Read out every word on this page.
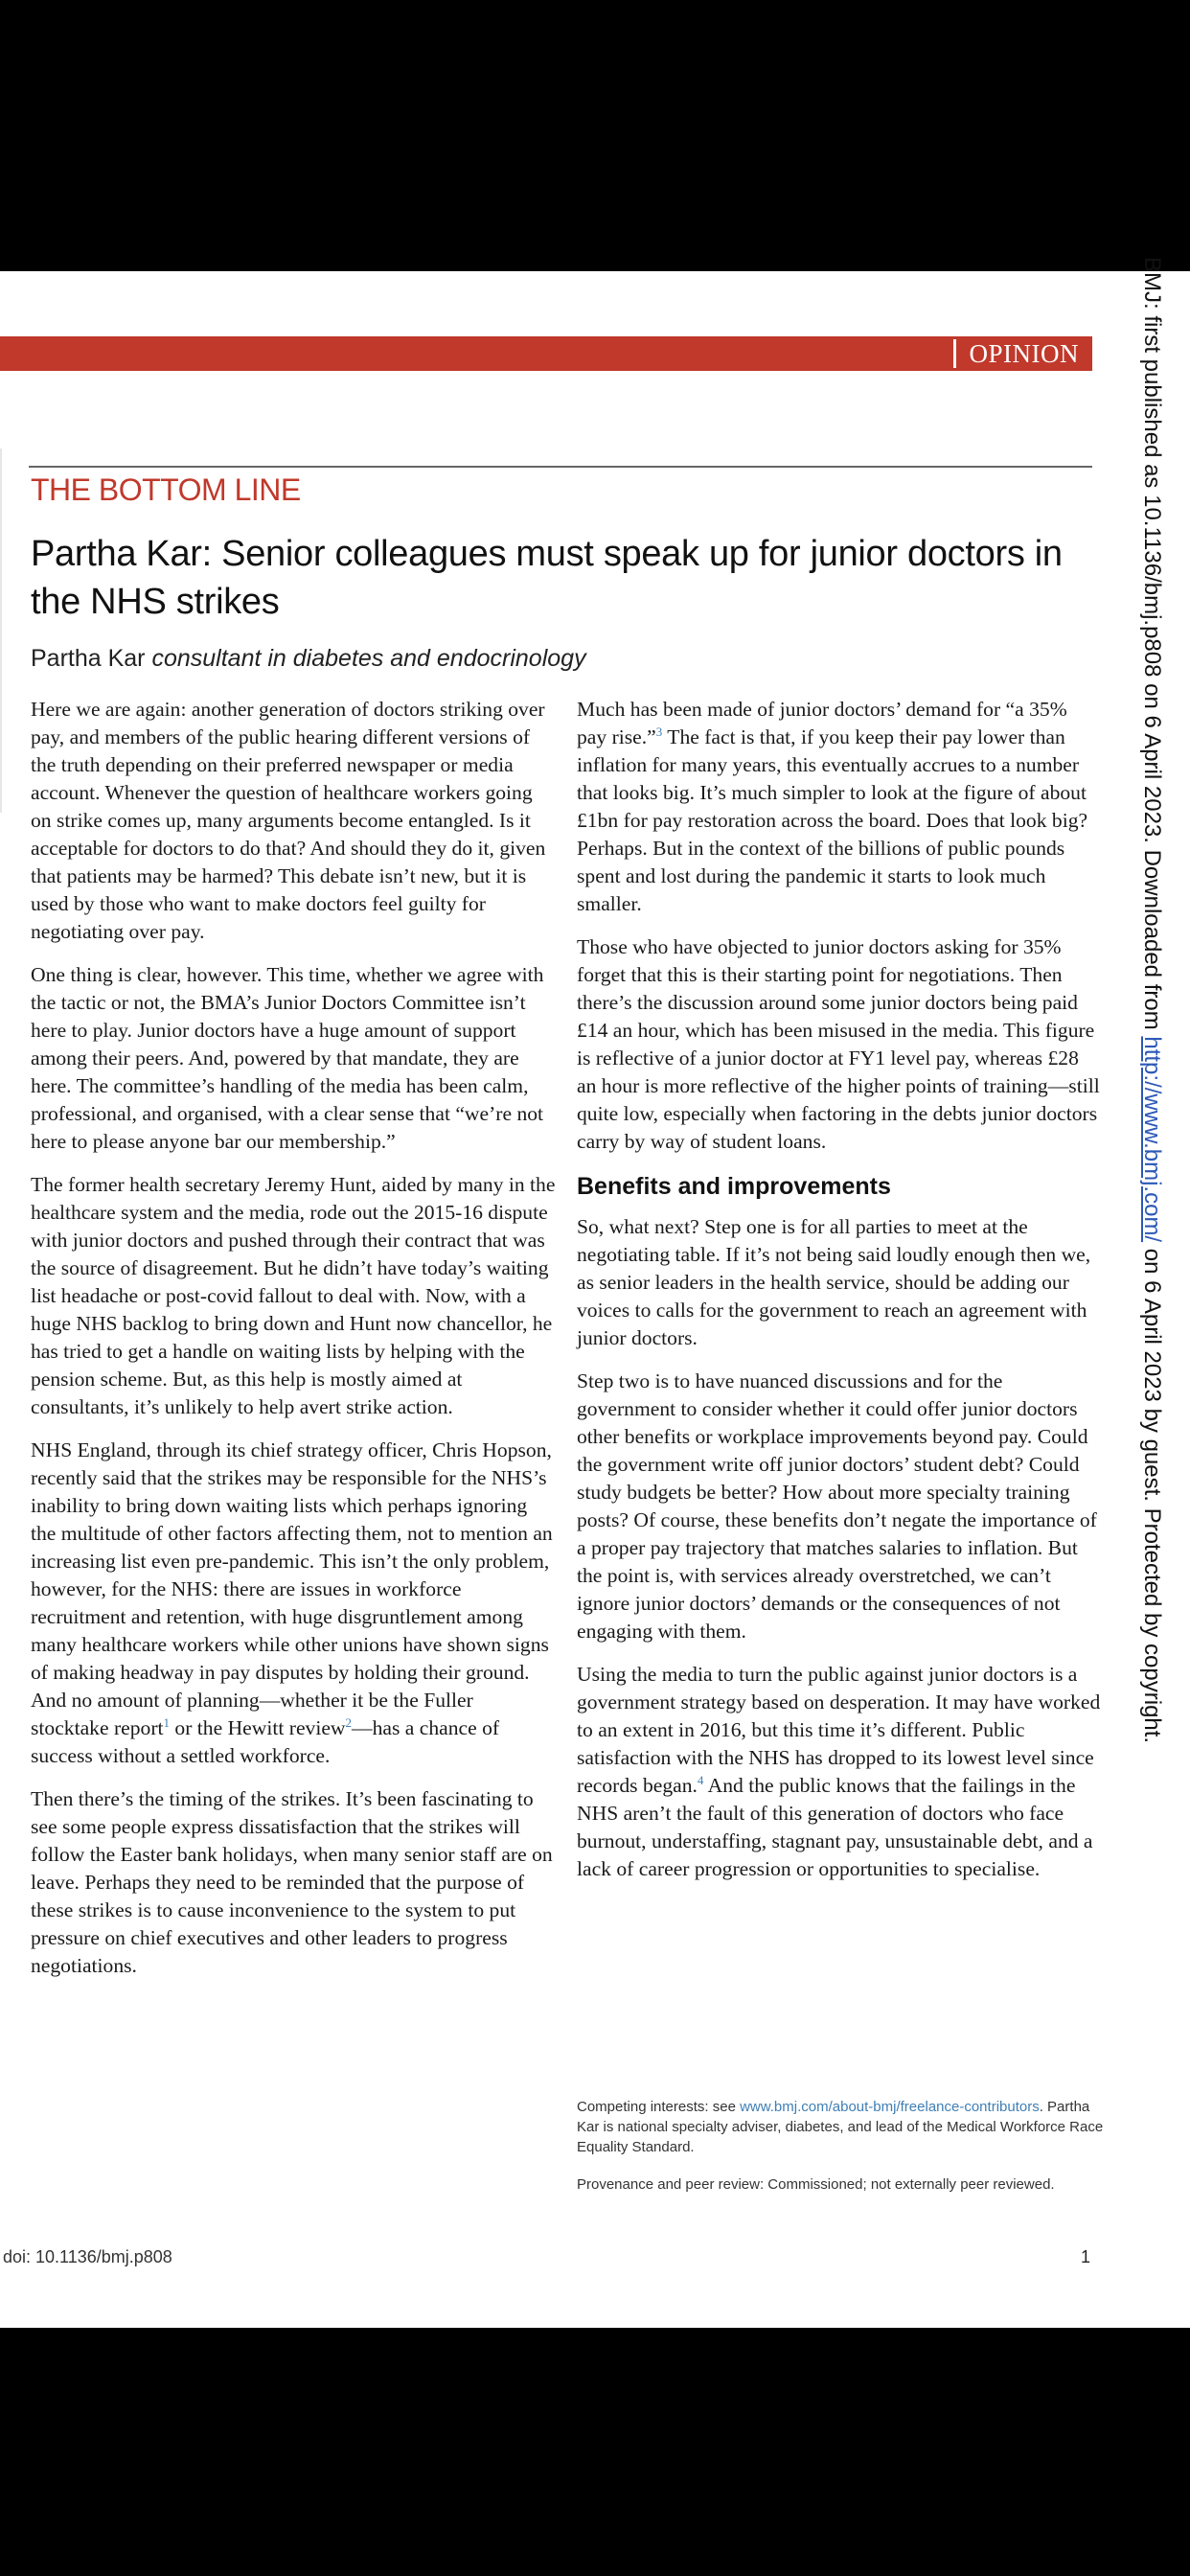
OPINION
THE BOTTOM LINE
Partha Kar: Senior colleagues must speak up for junior doctors in the NHS strikes
Partha Kar consultant in diabetes and endocrinology

Here we are again: another generation of doctors striking over pay, and members of the public hearing different versions of the truth depending on their preferred newspaper or media account. Whenever the question of healthcare workers going on strike comes up, many arguments become entangled. Is it acceptable for doctors to do that? And should they do it, given that patients may be harmed? This debate isn’t new, but it is used by those who want to make doctors feel guilty for negotiating over pay.

One thing is clear, however. This time, whether we agree with the tactic or not, the BMA’s Junior Doctors Committee isn’t here to play. Junior doctors have a huge amount of support among their peers. And, powered by that mandate, they are here. The committee’s handling of the media has been calm, professional, and organised, with a clear sense that “we’re not here to please anyone bar our membership.”

The former health secretary Jeremy Hunt, aided by many in the healthcare system and the media, rode out the 2015-16 dispute with junior doctors and pushed through their contract that was the source of disagreement. But he didn’t have today’s waiting list headache or post-covid fallout to deal with. Now, with a huge NHS backlog to bring down and Hunt now chancellor, he has tried to get a handle on waiting lists by helping with the pension scheme. But, as this help is mostly aimed at consultants, it’s unlikely to help avert strike action.

NHS England, through its chief strategy officer, Chris Hopson, recently said that the strikes may be responsible for the NHS’s inability to bring down waiting lists which perhaps ignoring the multitude of other factors affecting them, not to mention an increasing list even pre-pandemic. This isn’t the only problem, however, for the NHS: there are issues in workforce recruitment and retention, with huge disgruntlement among many healthcare workers while other unions have shown signs of making headway in pay disputes by holding their ground. And no amount of planning—whether it be the Fuller stocktake report$^1$ or the Hewitt review$^2$—has a chance of success without a settled workforce.

Then there’s the timing of the strikes. It’s been fascinating to see some people express dissatisfaction that the strikes will follow the Easter bank holidays, when many senior staff are on leave. Perhaps they need to be reminded that the purpose of these strikes is to cause inconvenience to the system to put pressure on chief executives and other leaders to progress negotiations.

Much has been made of junior doctors’ demand for “a 35% pay rise.”$^3$ The fact is that, if you keep their pay lower than inflation for many years, this eventually accrues to a number that looks big. It’s much simpler to look at the figure of about £1bn for pay restoration across the board. Does that look big? Perhaps. But in the context of the billions of public pounds spent and lost during the pandemic it starts to look much smaller.

Those who have objected to junior doctors asking for 35% forget that this is their starting point for negotiations. Then there’s the discussion around some junior doctors being paid £14 an hour, which has been misused in the media. This figure is reflective of a junior doctor at FY1 level pay, whereas £28 an hour is more reflective of the higher points of training—still quite low, especially when factoring in the debts junior doctors carry by way of student loans.

Benefits and improvements

So, what next? Step one is for all parties to meet at the negotiating table. If it’s not being said loudly enough then we, as senior leaders in the health service, should be adding our voices to calls for the government to reach an agreement with junior doctors.

Step two is to have nuanced discussions and for the government to consider whether it could offer junior doctors other benefits or workplace improvements beyond pay. Could the government write off junior doctors’ student debt? Could study budgets be better? How about more specialty training posts? Of course, these benefits don’t negate the importance of a proper pay trajectory that matches salaries to inflation. But the point is, with services already overstretched, we can’t ignore junior doctors’ demands or the consequences of not engaging with them.

Using the media to turn the public against junior doctors is a government strategy based on desperation. It may have worked to an extent in 2016, but this time it’s different. Public satisfaction with the NHS has dropped to its lowest level since records began.$^4$ And the public knows that the failings in the NHS aren’t the fault of this generation of doctors who face burnout, understaffing, stagnant pay, unsustainable debt, and a lack of career progression or opportunities to specialise.

Competing interests: see www.bmj.com/about-bmj/freelance-contributors. Partha Kar is national specialty adviser, diabetes, and lead of the Medical Workforce Race Equality Standard.

Provenance and peer review: Commissioned; not externally peer reviewed.

doi: 10.1136/bmj.p808	1
BMJ: first published as 10.1136/bmj.p808 on 6 April 2023. Downloaded from http://www.bmj.com/ on 6 April 2023 by guest. Protected by copyright.
